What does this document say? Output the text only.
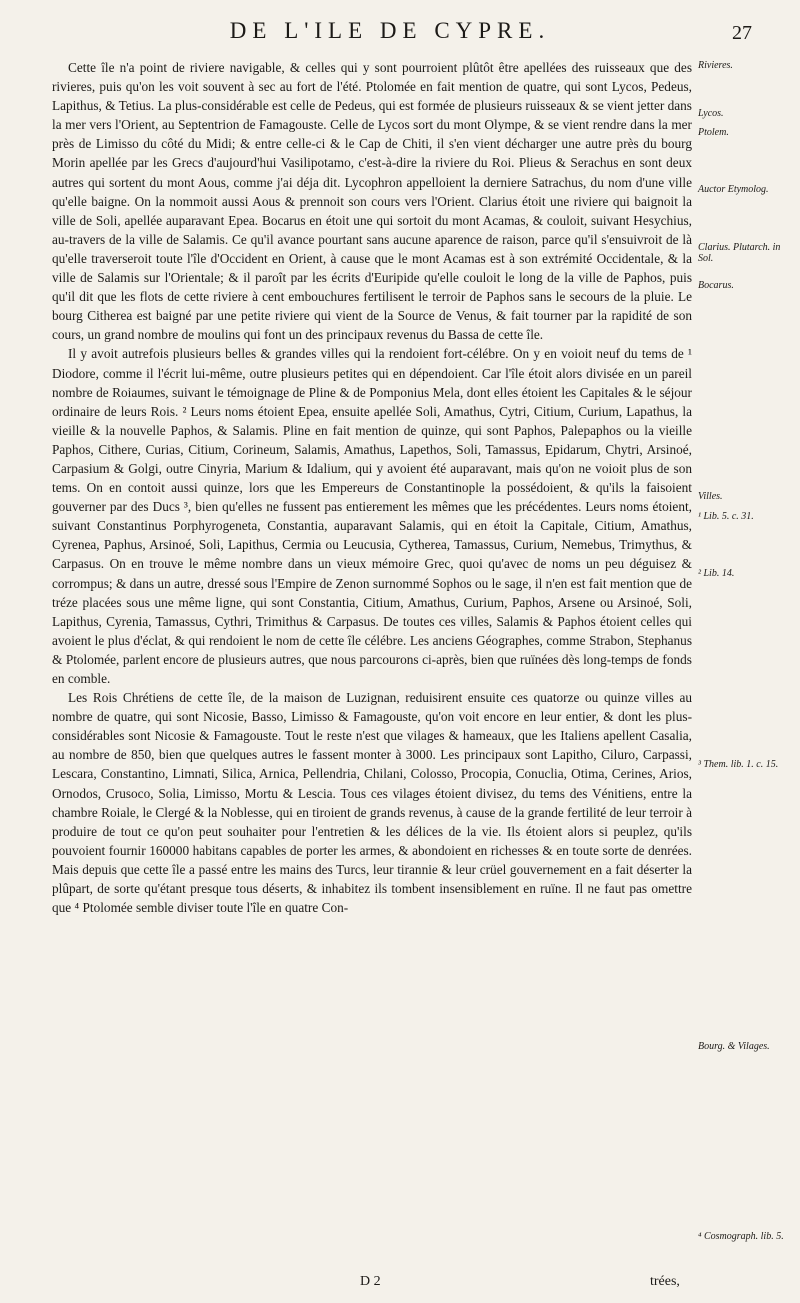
DE L'ILE DE CYPRE.	27

Cette île n'a point de riviere navigable, & celles qui y sont pourroient plûtôt être apellées des ruisseaux que des rivieres, puis qu'on les voit souvent à sec au fort de l'été. Ptolomée en fait mention de quatre, qui sont Lycos, Pedeus, Lapithus, & Tetius. La plus-considérable est celle de Pedeus, qui est formée de plusieurs ruisseaux & se vient jetter dans la mer vers l'Orient, au Septentrion de Famagouste. Celle de Lycos sort du mont Olympe, & se vient rendre dans la mer près de Limisso du côté du Midi; & entre celle-ci & le Cap de Chiti, il s'en vient décharger une autre près du bourg Morin apellée par les Grecs d'aujourd'hui Vasilipotamo, c'est-à-dire la riviere du Roi. Plieus & Serachus en sont deux autres qui sortent du mont Aous, comme j'ai déja dit. Lycophron appelloient la derniere Satrachus, du nom d'une ville qu'elle baigne. On la nommoit aussi Aous & prennoit son cours vers l'Orient. Clarius étoit une riviere qui baignoit la ville de Soli, apellée auparavant Epea. Bocarus en étoit une qui sortoit du mont Acamas, & couloit, suivant Hesychius, au-travers de la ville de Salamis. Ce qu'il avance pourtant sans aucune aparence de raison, parce qu'il s'ensuivroit de là qu'elle traverseroit toute l'île d'Occident en Orient, à cause que le mont Acamas est à son extrémité Occidentale, & la ville de Salamis sur l'Orientale; & il paroît par les écrits d'Euripide qu'elle couloit le long de la ville de Paphos, puis qu'il dit que les flots de cette riviere à cent embouchures fertilisent le terroir de Paphos sans le secours de la pluie. Le bourg Citherea est baigné par une petite riviere qui vient de la Source de Venus, & fait tourner par la rapidité de son cours, un grand nombre de moulins qui font un des principaux revenus du Bassa de cette île.

Il y avoit autrefois plusieurs belles & grandes villes qui la rendoient fort-célébre. On y en voioit neuf du tems de ¹ Diodore, comme il l'écrit lui-même, outre plusieurs petites qui en dépendoient. Car l'île étoit alors divisée en un pareil nombre de Roiaumes, suivant le témoignage de Pline & de Pomponius Mela, dont elles étoient les Capitales & le séjour ordinaire de leurs Rois. ² Leurs noms étoient Epea, ensuite apellée Soli, Amathus, Cytri, Citium, Curium, Lapathus, la vieille & la nouvelle Paphos, & Salamis. Pline en fait mention de quinze, qui sont Paphos, Palepaphos ou la vieille Paphos, Cithere, Curias, Citium, Corineum, Salamis, Amathus, Lapethos, Soli, Tamassus, Epidarum, Chytri, Arsinoé, Carpasium & Golgi, outre Cinyria, Marium & Idalium, qui y avoient été auparavant, mais qu'on ne voioit plus de son tems. On en contoit aussi quinze, lors que les Empereurs de Constantinople la possédoient, & qu'ils la faisoient gouverner par des Ducs ³, bien qu'elles ne fussent pas entierement les mêmes que les précédentes. Leurs noms étoient, suivant Constantinus Porphyrogeneta, Constantia, auparavant Salamis, qui en étoit la Capitale, Citium, Amathus, Cyrenea, Paphus, Arsinoé, Soli, Lapithus, Cermia ou Leucusia, Cytherea, Tamassus, Curium, Nemebus, Trimythus, & Carpasus. On en trouve le même nombre dans un vieux mémoire Grec, quoi qu'avec de noms un peu déguisez & corrompus; & dans un autre, dressé sous l'Empire de Zenon surnommé Sophos ou le sage, il n'en est fait mention que de tréze placées sous une même ligne, qui sont Constantia, Citium, Amathus, Curium, Paphos, Arsene ou Arsinoé, Soli, Lapithus, Cyrenia, Tamassus, Cythri, Trimithus & Carpasus. De toutes ces villes, Salamis & Paphos étoient celles qui avoient le plus d'éclat, & qui rendoient le nom de cette île célébre. Les anciens Géographes, comme Strabon, Stephanus & Ptolomée, parlent encore de plusieurs autres, que nous parcourons ci-après, bien que ruïnées dès long-temps de fonds en comble.

Les Rois Chrétiens de cette île, de la maison de Luzignan, reduisirent ensuite ces quatorze ou quinze villes au nombre de quatre, qui sont Nicosie, Basso, Limisso & Famagouste, qu'on voit encore en leur entier, & dont les plus-considérables sont Nicosie & Famagouste. Tout le reste n'est que vilages & hameaux, que les Italiens apellent Casalia, au nombre de 850, bien que quelques autres le fassent monter à 3000. Les principaux sont Lapitho, Ciluro, Carpassi, Lescara, Constantino, Limnati, Silica, Arnica, Pellendria, Chilani, Colosso, Procopia, Conuclia, Otima, Cerines, Arios, Ornodos, Crusoco, Solia, Limisso, Mortu & Lescia. Tous ces vilages étoient divisez, du tems des Vénitiens, entre la chambre Roiale, le Clergé & la Noblesse, qui en tiroient de grands revenus, à cause de la grande fertilité de leur terroir à produire de tout ce qu'on peut souhaiter pour l'entretien & les délices de la vie. Ils étoient alors si peuplez, qu'ils pouvoient fournir 160000 habitans capables de porter les armes, & abondoient en richesses & en toute sorte de denrées. Mais depuis que cette île a passé entre les mains des Turcs, leur tirannie & leur crüel gouvernement en a fait déserter la plûpart, de sorte qu'étant presque tous déserts, & inhabitez ils tombent insensiblement en ruïne. Il ne faut pas omettre que ⁴ Ptolomée semble diviser toute l'île en quatre Con-

Rivieres.
Lycos.
Ptolem.
Auctor Etymolog.
Clarius. Plutarch. in Sol.
Bocarus.
Villes.
¹ Lib. 5. c. 31.
² Lib. 14.
³ Them. lib. 1. c. 15.
Bourg. & Vilages.
⁴ Cosmograph. lib. 5.
D 2	trées,
